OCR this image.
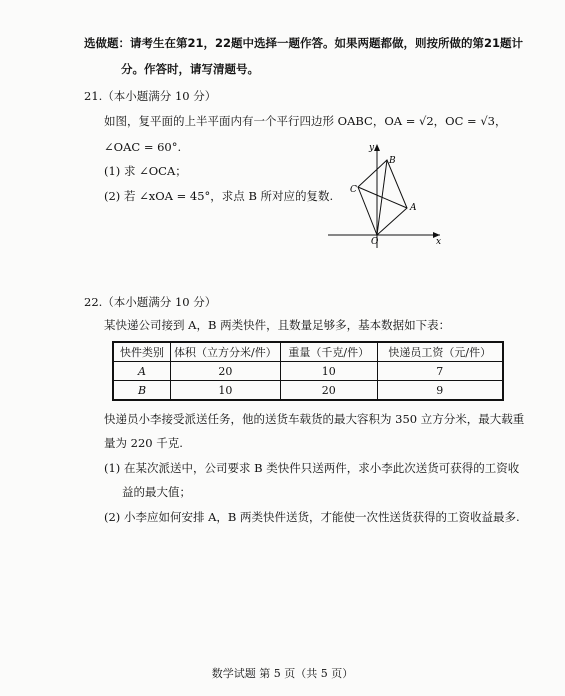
选做题：请考生在第21，22题中选择一题作答。如果两题都做，则按所做的第21题计
分。作答时，请写清题号。
21.（本小题满分 10 分）
如图，复平面的上半平面内有一个平行四边形 OABC，OA = √2，OC = √3，
∠OAC = 60°.
(1) 求 ∠OCA；
(2) 若 ∠xOA = 45°，求点 B 所对应的复数.
y
x
B
C
A
O
22.（本小题满分 10 分）
某快递公司接到 A，B 两类快件，且数量足够多，基本数据如下表：
快件类别	体积（立方分米/件）	重量（千克/件）	快递员工资（元/件）
A	20	10	7
B	10	20	9
快递员小李接受派送任务，他的送货车载货的最大容积为 350 立方分米，最大载重
量为 220 千克.
(1) 在某次派送中，公司要求 B 类快件只送两件，求小李此次送货可获得的工资收
益的最大值；
(2) 小李应如何安排 A，B 两类快件送货，才能使一次性送货获得的工资收益最多.
数学试题 第 5 页（共 5 页）
